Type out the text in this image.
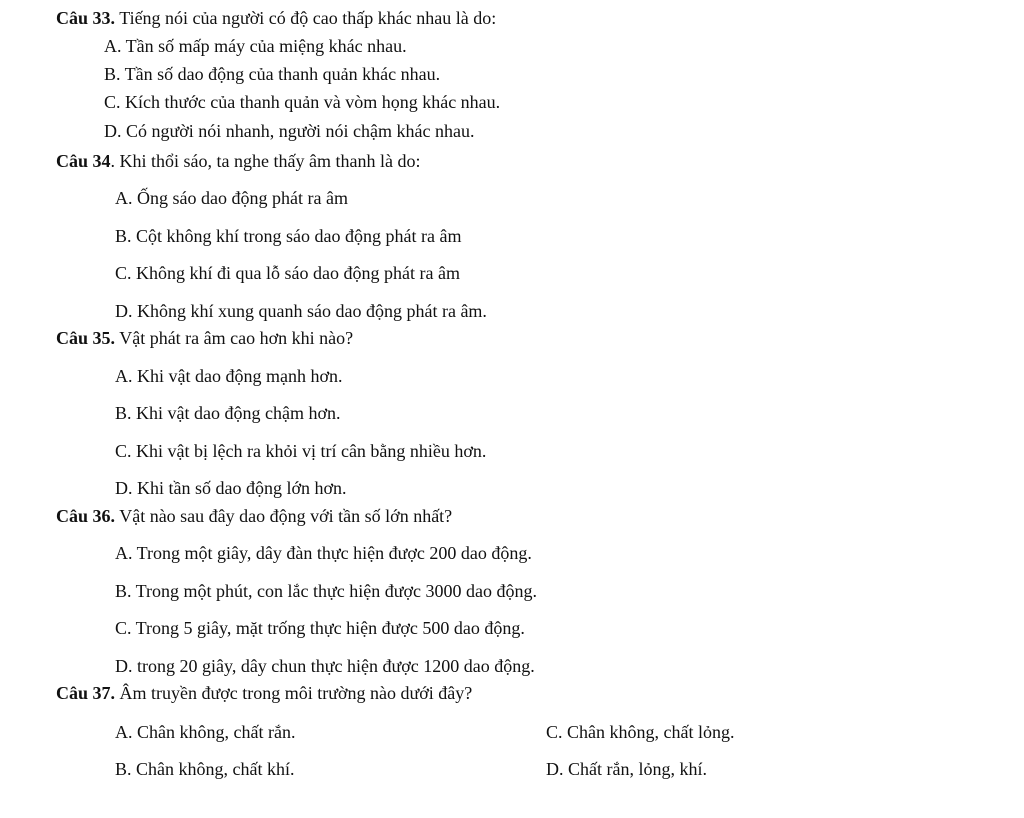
Câu 33. Tiếng nói của người có độ cao thấp khác nhau là do:
A. Tần số mấp máy của miệng khác nhau.
B. Tần số dao động của thanh quản khác nhau.
C. Kích thước của thanh quản và vòm họng khác nhau.
D. Có người nói nhanh, người nói chậm khác nhau.
Câu 34. Khi thổi sáo, ta nghe thấy âm thanh là do:
A. Ống sáo dao động phát ra âm
B. Cột không khí trong sáo dao động phát ra âm
C. Không khí đi qua lỗ sáo dao động phát ra âm
D. Không khí xung quanh sáo dao động phát ra âm.
Câu 35. Vật phát ra âm cao hơn khi nào?
A. Khi vật dao động mạnh hơn.
B. Khi vật dao động chậm hơn.
C. Khi vật bị lệch ra khỏi vị trí cân bằng nhiều hơn.
D. Khi tần số dao động lớn hơn.
Câu 36. Vật nào sau đây dao động với tần số lớn nhất?
A. Trong một giây, dây đàn thực hiện được 200 dao động.
B. Trong một phút, con lắc thực hiện được 3000 dao động.
C. Trong 5 giây, mặt trống thực hiện được 500 dao động.
D. trong 20 giây, dây chun thực hiện được 1200 dao động.
Câu 37. Âm truyền được trong môi trường nào dưới đây?
A. Chân không, chất rắn.	C. Chân không, chất lỏng.
B. Chân không, chất khí.	D. Chất rắn, lỏng, khí.
